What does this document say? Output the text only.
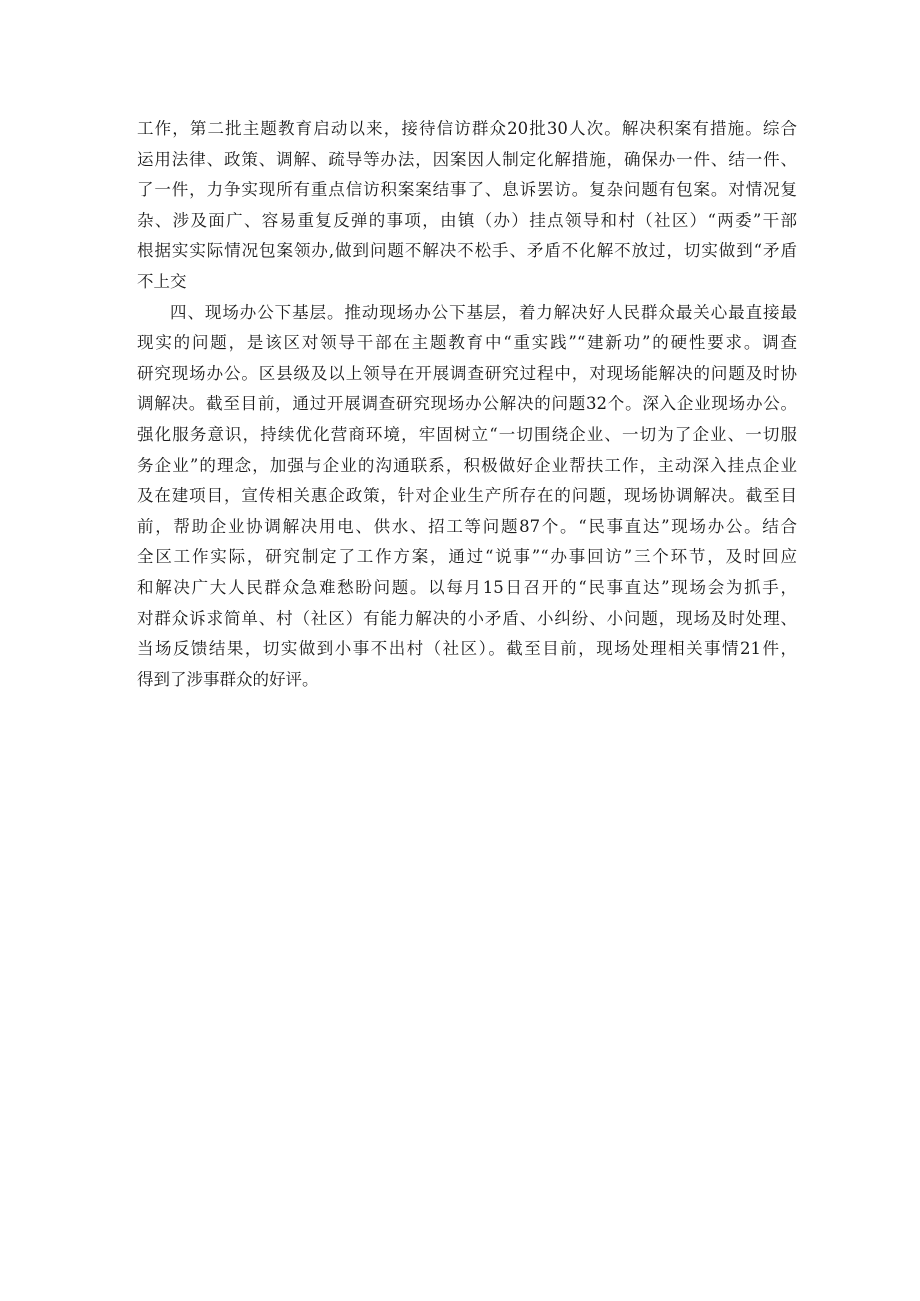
工作，第二批主题教育启动以来，接待信访群众20批30人次。解决积案有措施。综合
运用法律、政策、调解、疏导等办法，因案因人制定化解措施，确保办一件、结一件、
了一件，力争实现所有重点信访积案案结事了、息诉罢访。复杂问题有包案。对情况复
杂、涉及面广、容易重复反弹的事项，由镇（办）挂点领导和村（社区）“两委”干部
根据实实际情况包案领办,做到问题不解决不松手、矛盾不化解不放过，切实做到“矛盾
不上交
四、现场办公下基层。推动现场办公下基层，着力解决好人民群众最关心最直接最
现实的问题，是该区对领导干部在主题教育中“重实践”“建新功”的硬性要求。调查
研究现场办公。区县级及以上领导在开展调查研究过程中，对现场能解决的问题及时协
调解决。截至目前，通过开展调查研究现场办公解决的问题32个。深入企业现场办公。
强化服务意识，持续优化营商环境，牢固树立“一切围绕企业、一切为了企业、一切服
务企业”的理念，加强与企业的沟通联系，积极做好企业帮扶工作，主动深入挂点企业
及在建项目，宣传相关惠企政策，针对企业生产所存在的问题，现场协调解决。截至目
前，帮助企业协调解决用电、供水、招工等问题87个。“民事直达”现场办公。结合
全区工作实际，研究制定了工作方案，通过“说事”“办事回访”三个环节，及时回应
和解决广大人民群众急难愁盼问题。以每月15日召开的“民事直达”现场会为抓手，
对群众诉求简单、村（社区）有能力解决的小矛盾、小纠纷、小问题，现场及时处理、
当场反馈结果，切实做到小事不出村（社区）。截至目前，现场处理相关事情21件，
得到了涉事群众的好评。
